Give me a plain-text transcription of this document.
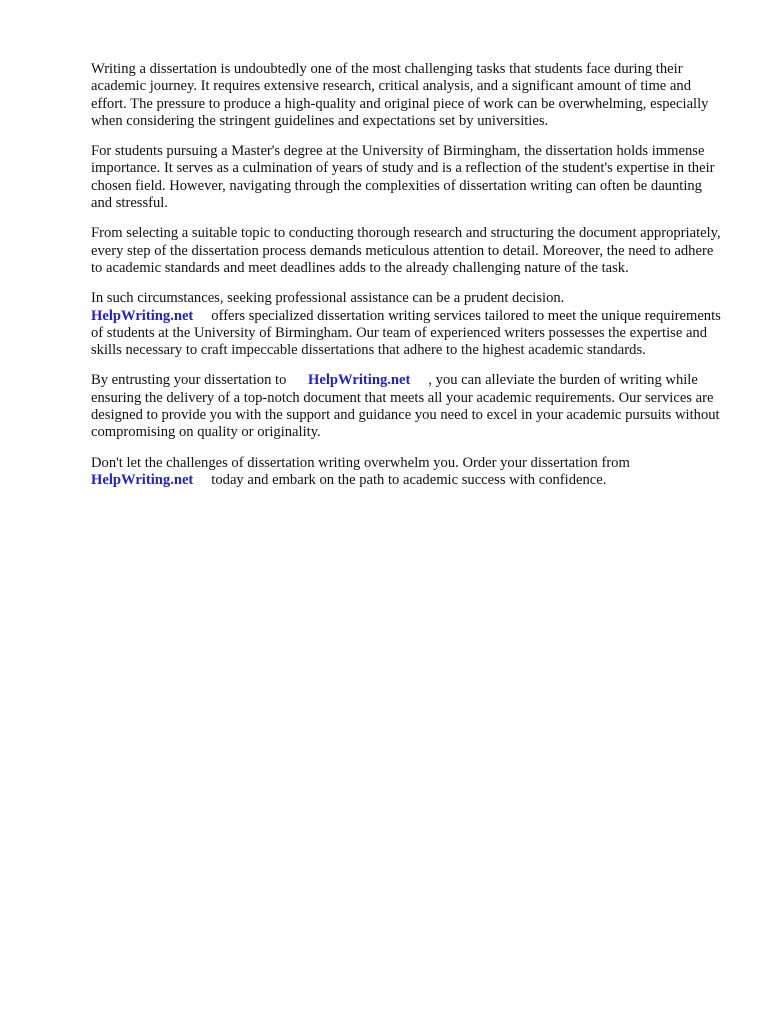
Writing a dissertation is undoubtedly one of the most challenging tasks that students face during their academic journey. It requires extensive research, critical analysis, and a significant amount of time and effort. The pressure to produce a high-quality and original piece of work can be overwhelming, especially when considering the stringent guidelines and expectations set by universities.

For students pursuing a Master's degree at the University of Birmingham, the dissertation holds immense importance. It serves as a culmination of years of study and is a reflection of the student's expertise in their chosen field. However, navigating through the complexities of dissertation writing can often be daunting and stressful.

From selecting a suitable topic to conducting thorough research and structuring the document appropriately, every step of the dissertation process demands meticulous attention to detail. Moreover, the need to adhere to academic standards and meet deadlines adds to the already challenging nature of the task.

In such circumstances, seeking professional assistance can be a prudent decision.
HelpWriting.net offers specialized dissertation writing services tailored to meet the unique requirements of students at the University of Birmingham. Our team of experienced writers possesses the expertise and skills necessary to craft impeccable dissertations that adhere to the highest academic standards.

By entrusting your dissertation to HelpWriting.net , you can alleviate the burden of writing while ensuring the delivery of a top-notch document that meets all your academic requirements. Our services are designed to provide you with the support and guidance you need to excel in your academic pursuits without compromising on quality or originality.

Don't let the challenges of dissertation writing overwhelm you. Order your dissertation from
HelpWriting.net today and embark on the path to academic success with confidence.
